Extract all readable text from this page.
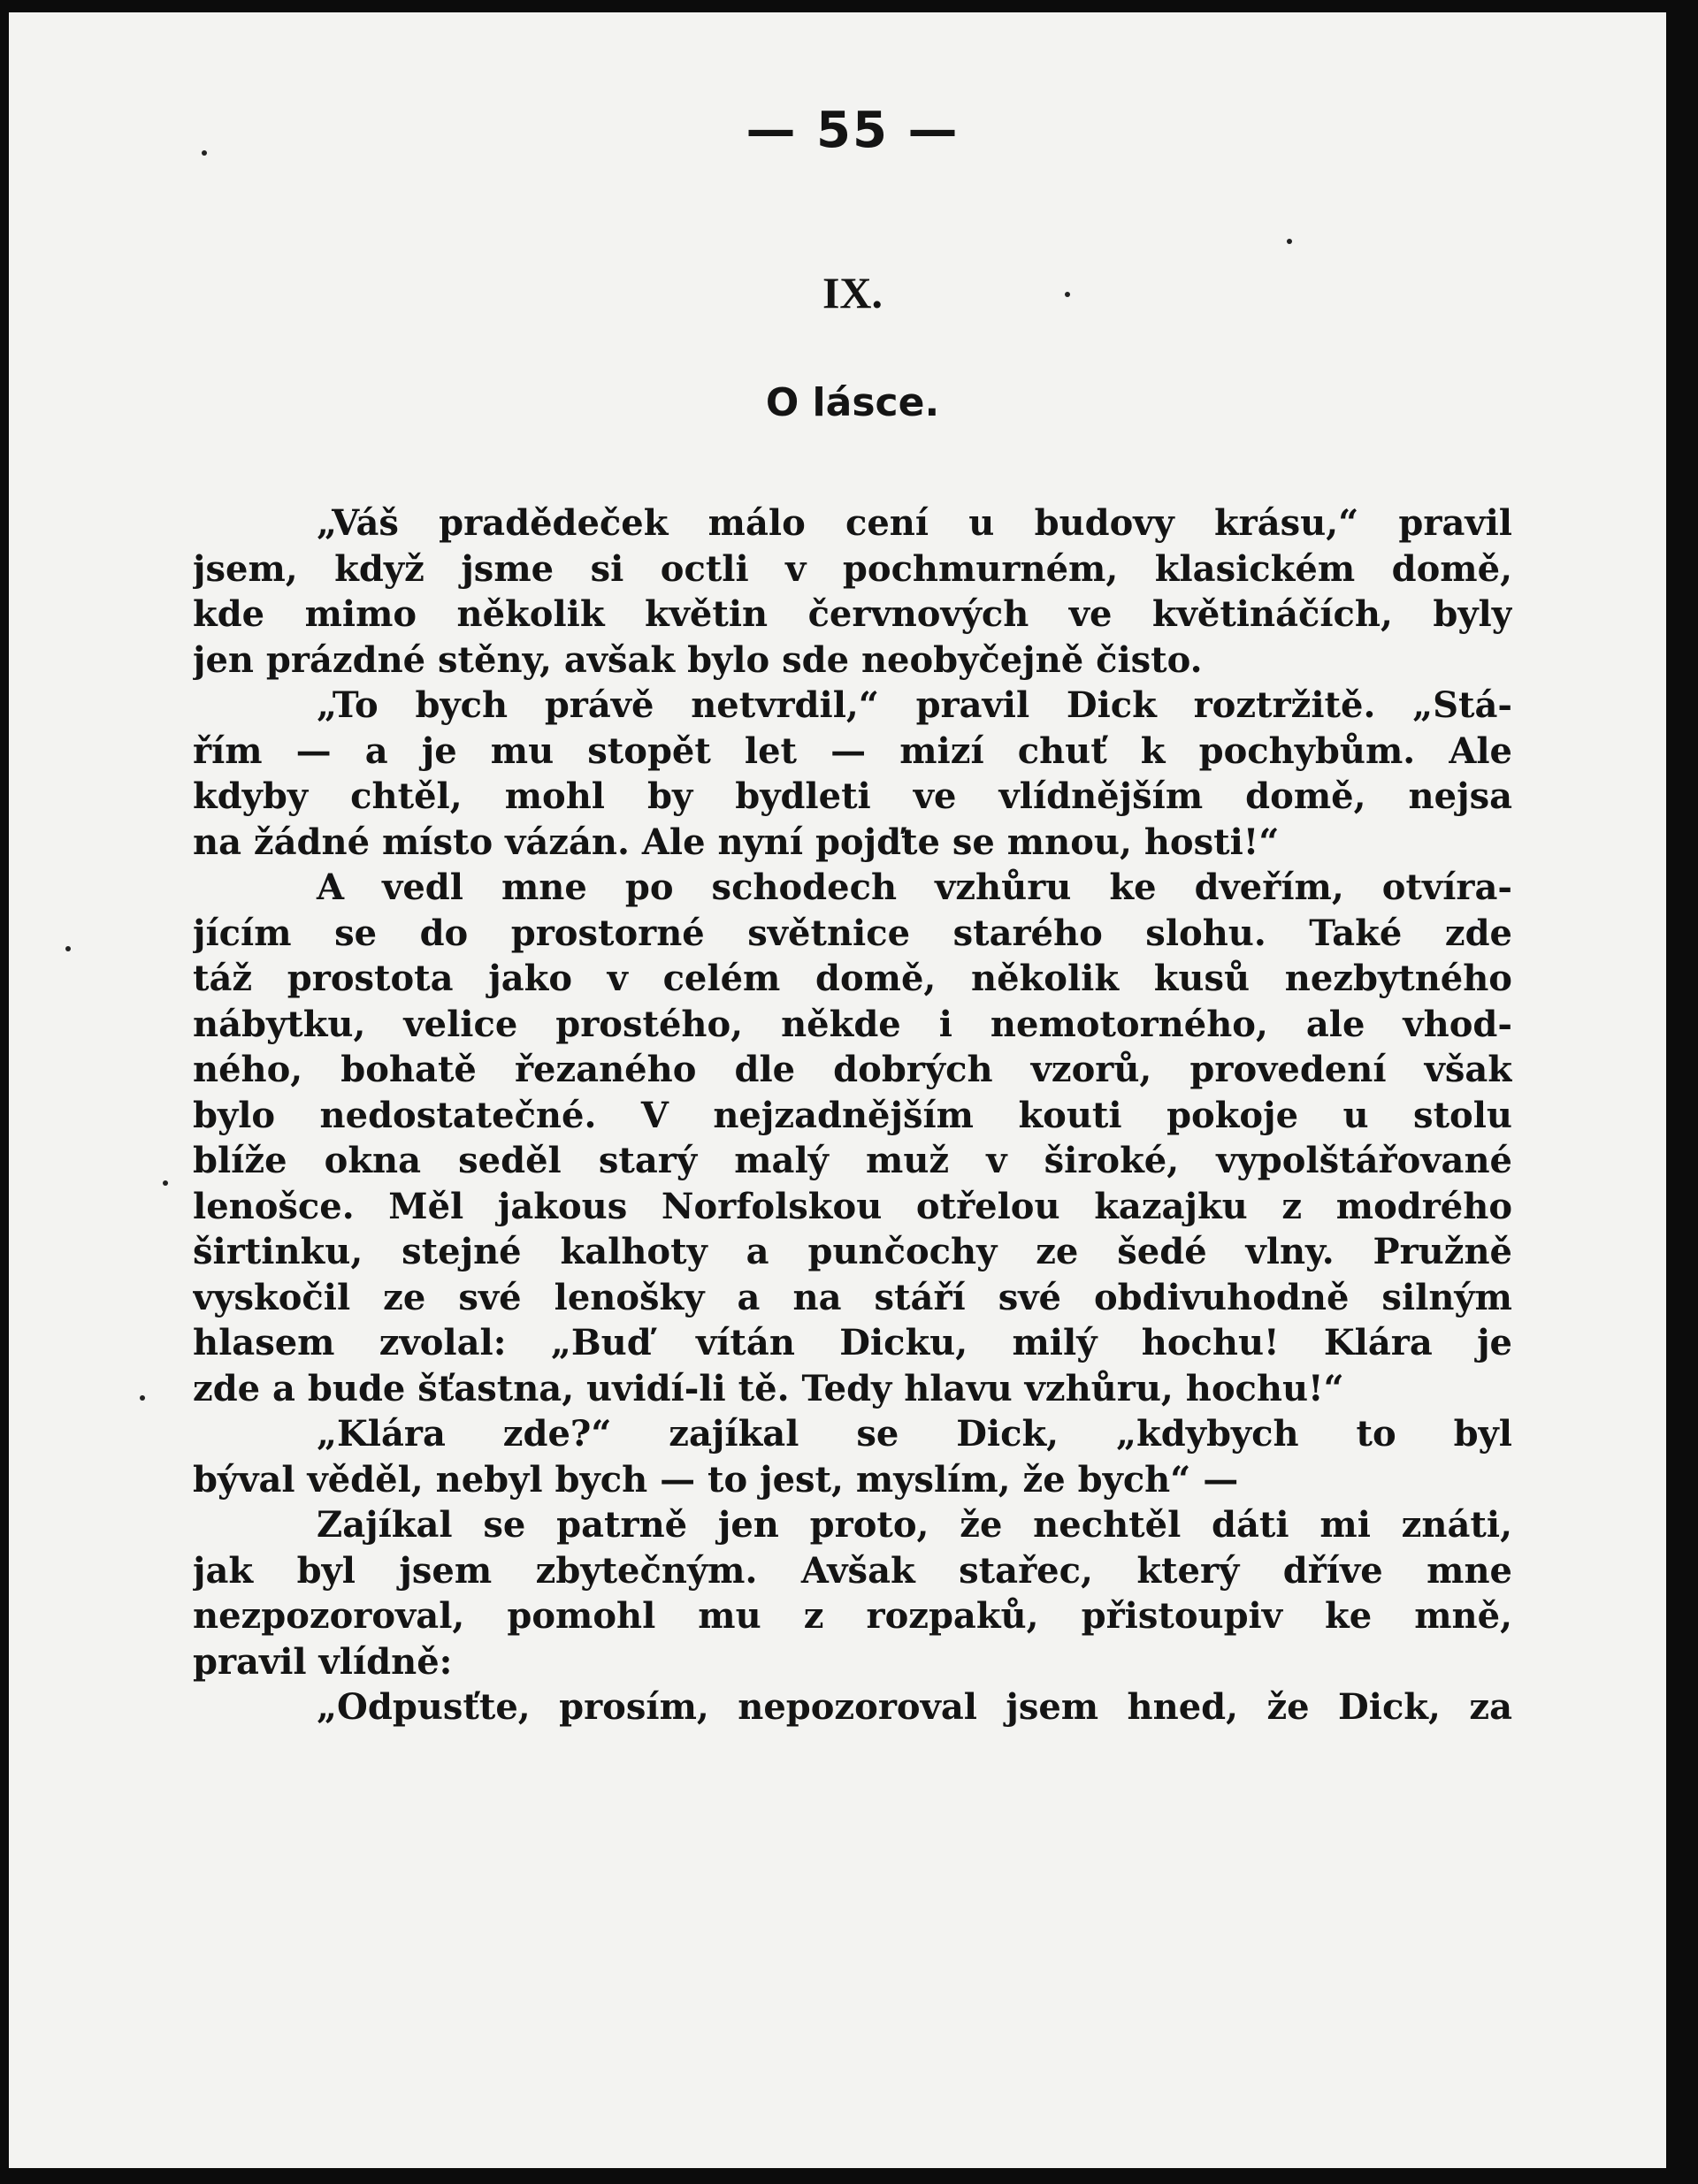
— 55 —
IX.
O lásce.
„Váš pradědeček málo cení u budovy krásu,“ pravil
jsem, když jsme si octli v pochmurném, klasickém domě,
kde mimo několik květin červnových ve květináčích, byly
jen prázdné stěny, avšak bylo sde neobyčejně čisto.
„To bych právě netvrdil,“ pravil Dick roztržitě. „Stá-
řím — a je mu stopět let — mizí chuť k pochybům. Ale
kdyby chtěl, mohl by bydleti ve vlídnějším domě, nejsa
na žádné místo vázán. Ale nyní pojďte se mnou, hosti!“
A vedl mne po schodech vzhůru ke dveřím, otvíra-
jícím se do prostorné světnice starého slohu. Také zde
táž prostota jako v celém domě, několik kusů nezbytného
nábytku, velice prostého, někde i nemotorného, ale vhod-
ného, bohatě řezaného dle dobrých vzorů, provedení však
bylo nedostatečné. V nejzadnějším kouti pokoje u stolu
blíže okna seděl starý malý muž v široké, vypolštářované
lenošce. Měl jakous Norfolskou otřelou kazajku z modrého
širtinku, stejné kalhoty a punčochy ze šedé vlny. Pružně
vyskočil ze své lenošky a na stáří své obdivuhodně silným
hlasem zvolal: „Buď vítán Dicku, milý hochu! Klára je
zde a bude šťastna, uvidí-li tě. Tedy hlavu vzhůru, hochu!“
„Klára zde?“ zajíkal se Dick, „kdybych to byl
býval věděl, nebyl bych — to jest, myslím, že bych“ —
Zajíkal se patrně jen proto, že nechtěl dáti mi znáti,
jak byl jsem zbytečným. Avšak stařec, který dříve mne
nezpozoroval, pomohl mu z rozpaků, přistoupiv ke mně,
pravil vlídně:
„Odpusťte, prosím, nepozoroval jsem hned, že Dick, za
